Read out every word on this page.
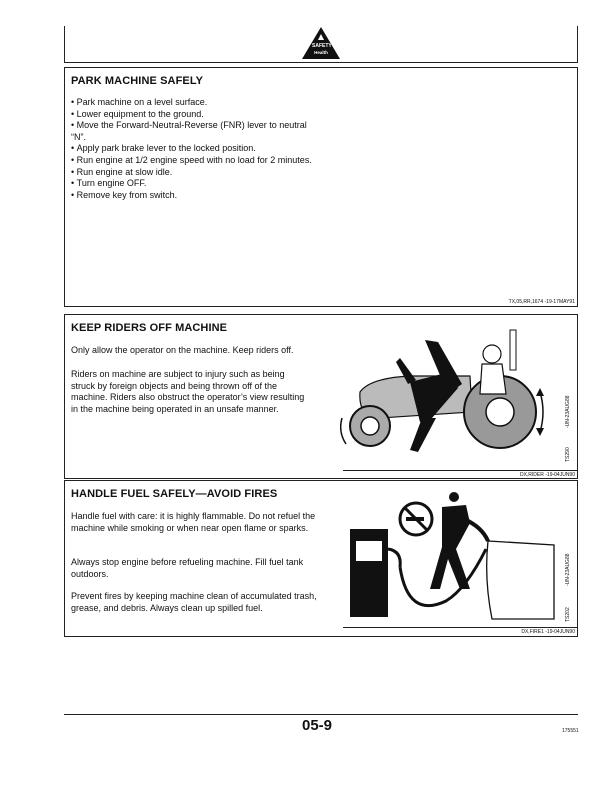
SAFETY
Health
PARK MACHINE SAFELY
• Park machine on a level surface.
• Lower equipment to the ground.
• Move the Forward-Neutral-Reverse (FNR) lever to neutral “N”.
• Apply park brake lever to the locked position.
• Run engine at 1/2 engine speed with no load for 2 minutes.
• Run engine at slow idle.
• Turn engine OFF.
• Remove key from switch.
TX,05,RR,1674 -19-17MAY91
KEEP RIDERS OFF MACHINE

Only allow the operator on the machine. Keep riders off.

Riders on machine are subject to injury such as being struck by foreign objects and being thrown off of the machine. Riders also obstruct the operator’s view resulting in the machine being operated in an unsafe manner.

DX,RIDER -19-04JUN90
TS290
-UN-23AUG88
HANDLE FUEL SAFELY—AVOID FIRES

Handle fuel with care: it is highly flammable. Do not refuel the machine while smoking or when near open flame or sparks.

Always stop engine before refueling machine. Fill fuel tank outdoors.

Prevent fires by keeping machine clean of accumulated trash, grease, and debris. Always clean up spilled fuel.

DX,FIRE1 -19-04JUN90
TS202
-UN-23AUG88
05-9	175551
